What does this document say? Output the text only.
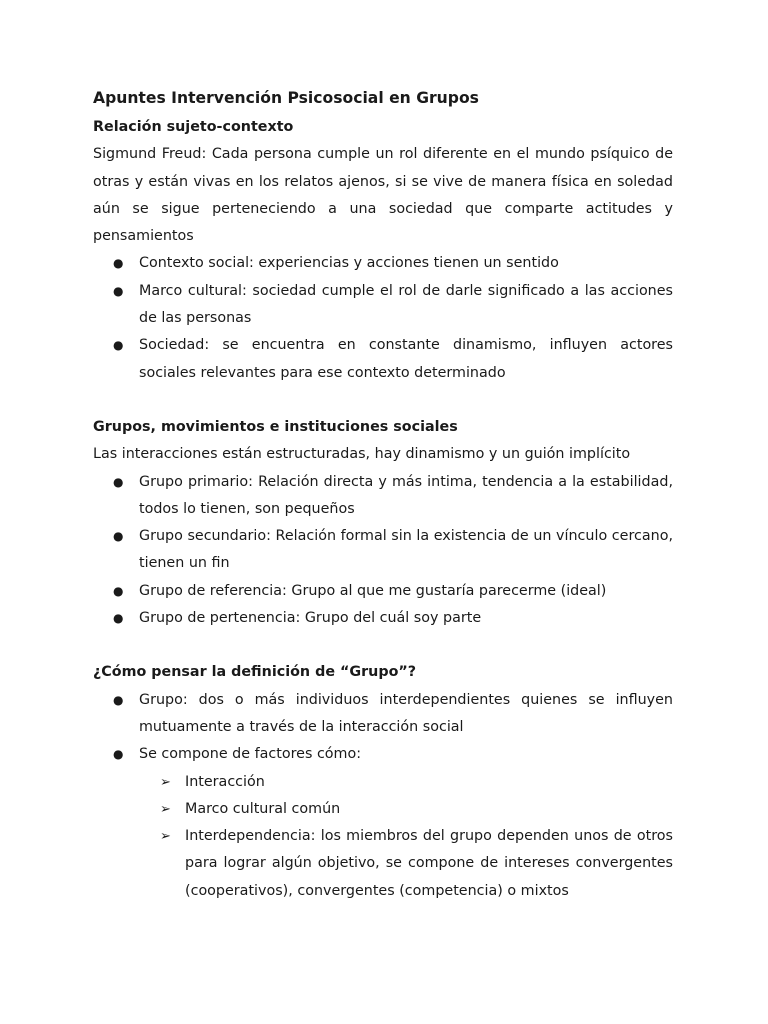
Apuntes Intervención Psicosocial en Grupos

Relación sujeto-contexto

Sigmund Freud: Cada persona cumple un rol diferente en el mundo psíquico de otras y están vivas en los relatos ajenos, si se vive de manera física en soledad aún se sigue perteneciendo a una sociedad que comparte actitudes y pensamientos

● Contexto social: experiencias y acciones tienen un sentido
● Marco cultural: sociedad cumple el rol de darle significado a las acciones de las personas
● Sociedad: se encuentra en constante dinamismo, influyen actores sociales relevantes para ese contexto determinado

Grupos, movimientos e instituciones sociales

Las interacciones están estructuradas, hay dinamismo y un guión implícito

● Grupo primario: Relación directa y más intima, tendencia a la estabilidad, todos lo tienen, son pequeños
● Grupo secundario: Relación formal sin la existencia de un vínculo cercano, tienen un fin
● Grupo de referencia: Grupo al que me gustaría parecerme (ideal)
● Grupo de pertenencia: Grupo del cuál soy parte

¿Cómo pensar la definición de “Grupo”?

● Grupo: dos o más individuos interdependientes quienes se influyen mutuamente a través de la interacción social
● Se compone de factores cómo:
➢ Interacción
➢ Marco cultural común
➢ Interdependencia: los miembros del grupo dependen unos de otros para lograr algún objetivo, se compone de intereses convergentes (cooperativos), convergentes (competencia) o mixtos
